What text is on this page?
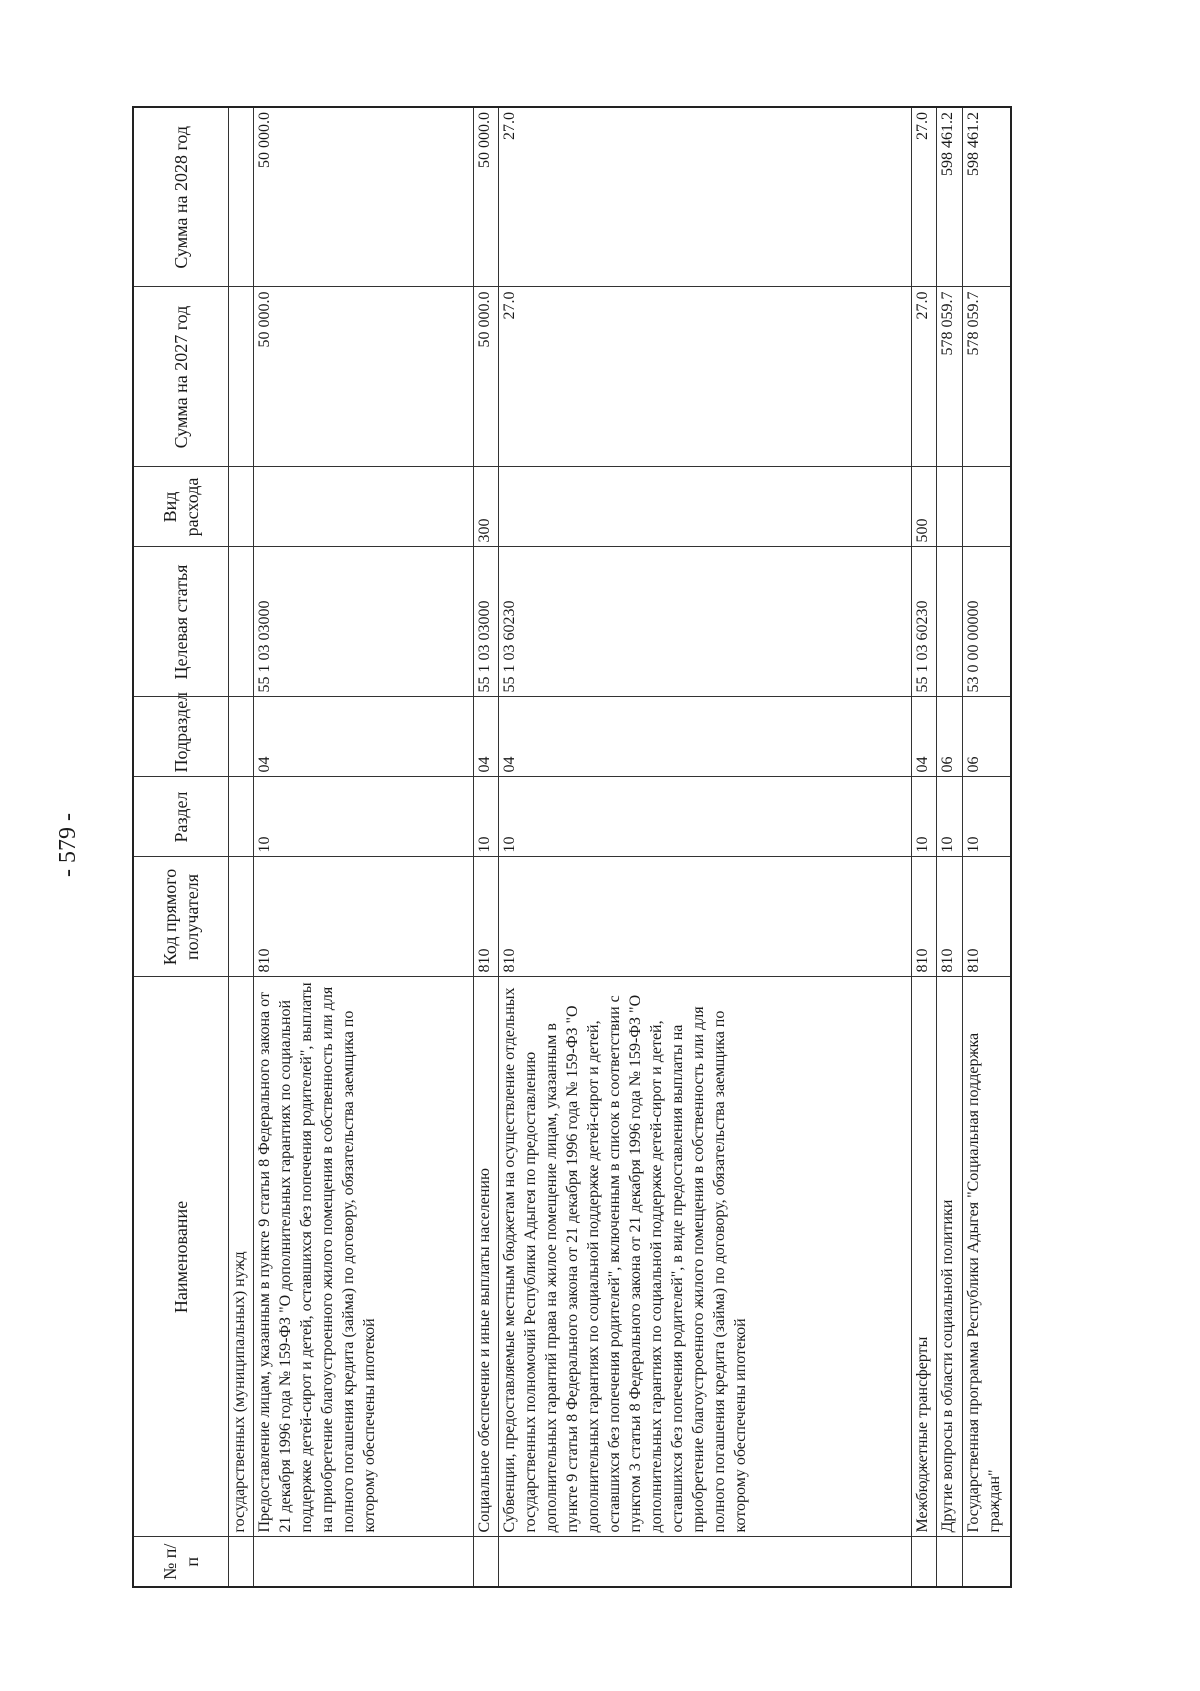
- 579 -
№ п/п	Наименование	Код прямого получателя	Раздел	Подраздел	Целевая статья	Вид расхода	Сумма на 2027 год	Сумма на 2028 год
	государственных (муниципальных) нужд							
	Предоставление лицам, указанным в пункте 9 статьи 8 Федерального закона от 21 декабря 1996 года № 159-ФЗ "О дополнительных гарантиях по социальной поддержке детей-сирот и детей, оставшихся без попечения родителей", выплаты на приобретение благоустроенного жилого помещения в собственность или для полного погашения кредита (займа) по договору, обязательства заемщика по которому обеспечены ипотекой	810	10	04	55 1 03 03000		50 000.0	50 000.0
	Социальное обеспечение и иные выплаты населению	810	10	04	55 1 03 03000	300	50 000.0	50 000.0
	Субвенции, предоставляемые местным бюджетам на осуществление отдельных государственных полномочий Республики Адыгея по предоставлению дополнительных гарантий права на жилое помещение лицам, указанным в пункте 9 статьи 8 Федерального закона от 21 декабря 1996 года № 159-ФЗ "О дополнительных гарантиях по социальной поддержке детей-сирот и детей, оставшихся без попечения родителей", включенным в список в соответствии с пунктом 3 статьи 8 Федерального закона от 21 декабря 1996 года № 159-ФЗ "О дополнительных гарантиях по социальной поддержке детей-сирот и детей, оставшихся без попечения родителей", в виде предоставления выплаты на приобретение благоустроенного жилого помещения в собственность или для полного погашения кредита (займа) по договору, обязательства заемщика по которому обеспечены ипотекой	810	10	04	55 1 03 60230		27.0	27.0
	Межбюджетные трансферты	810	10	04	55 1 03 60230	500	27.0	27.0
	Другие вопросы в области социальной политики	810	10	06			578 059.7	598 461.2
	Государственная программа Республики Адыгея "Социальная поддержка граждан"	810	10	06	53 0 00 00000		578 059.7	598 461.2
